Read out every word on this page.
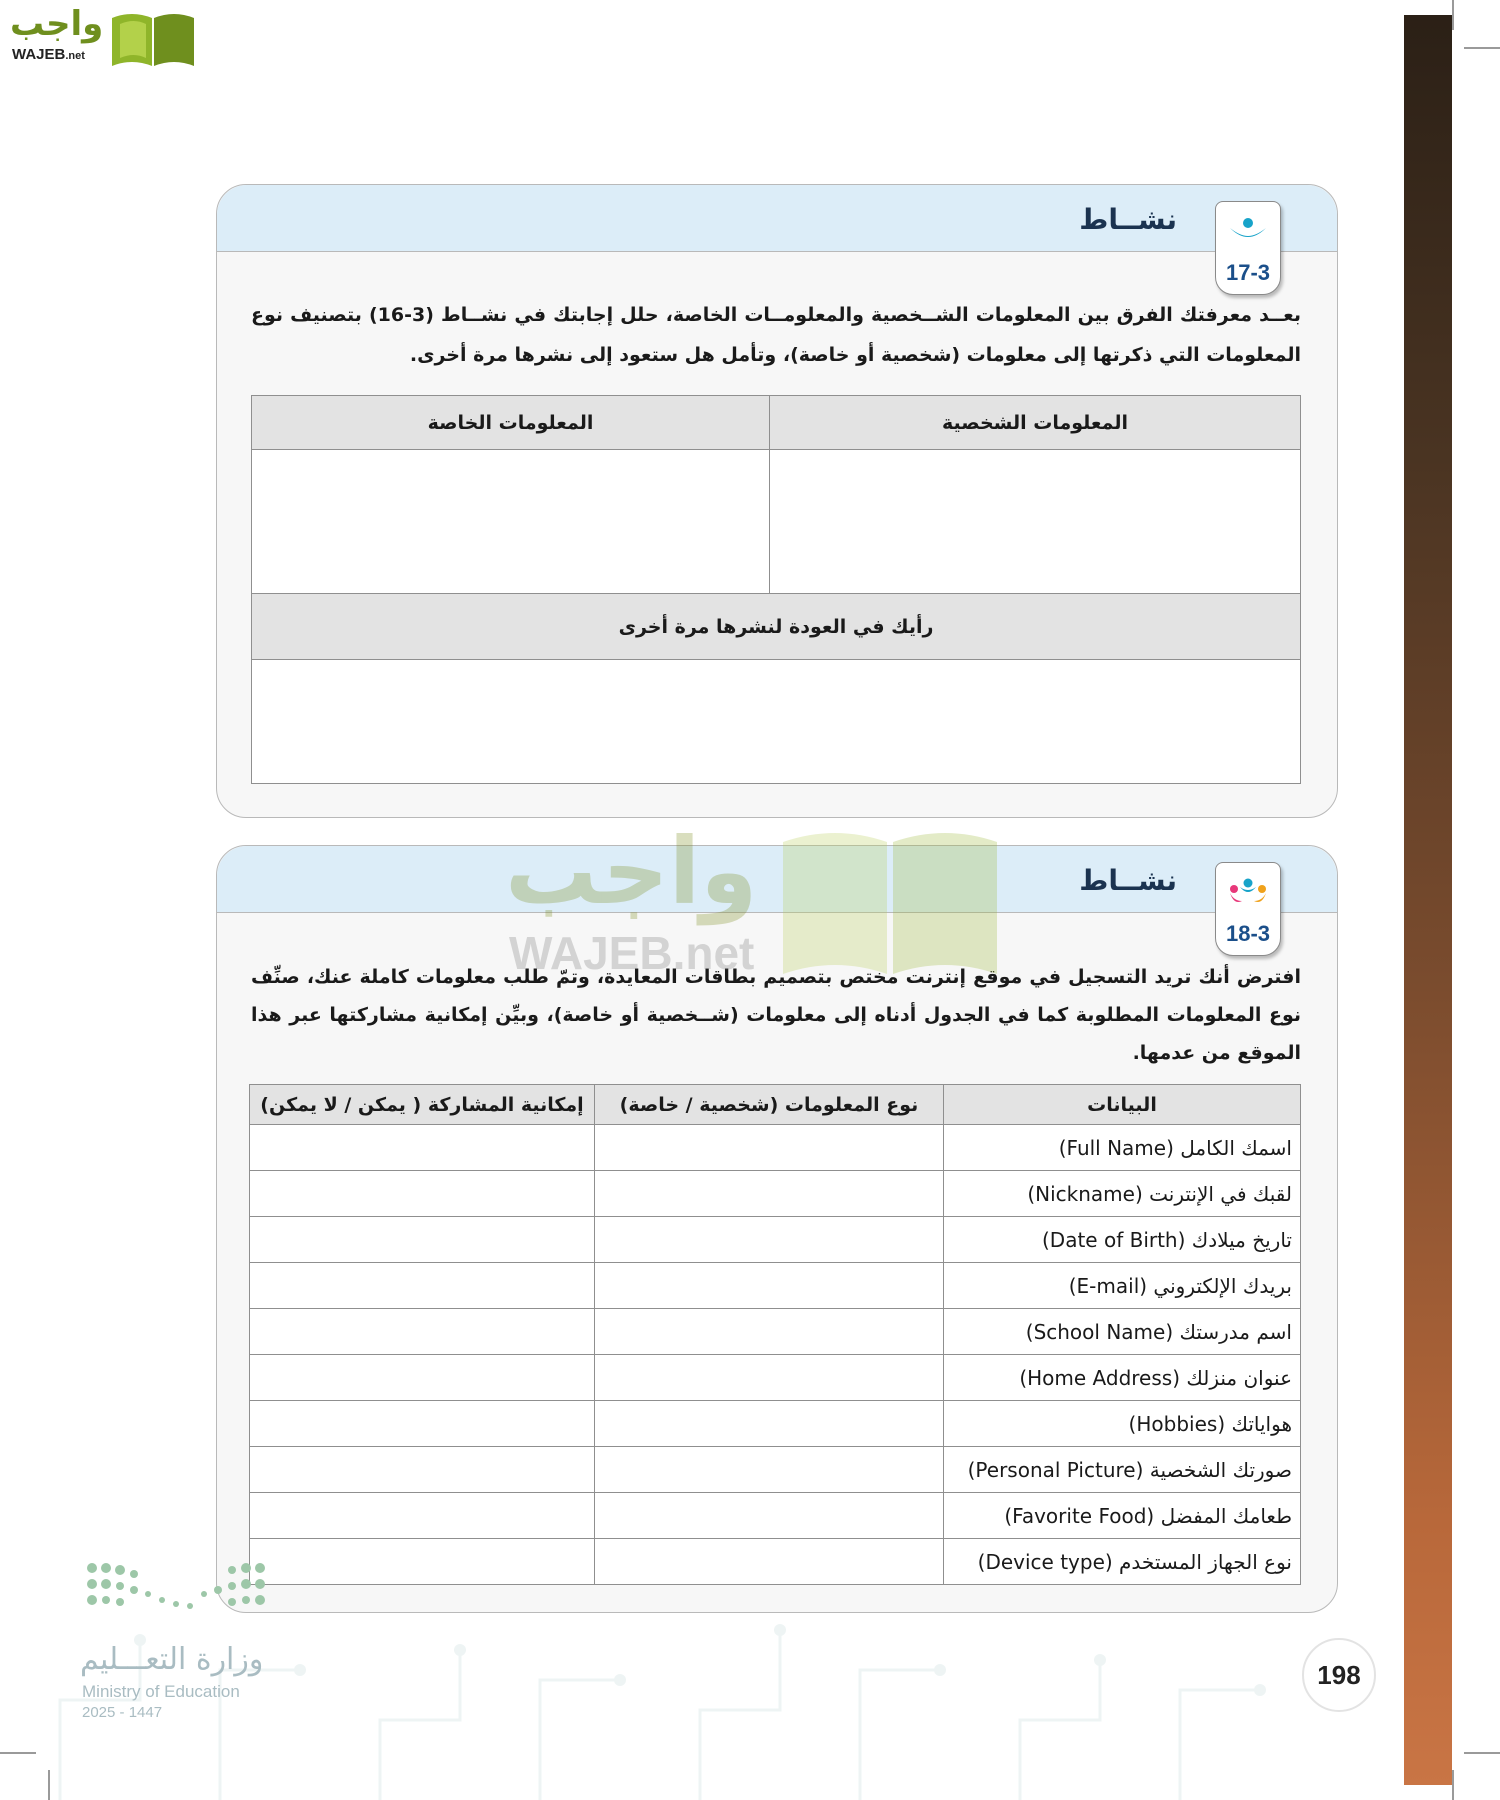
واجب
WAJEB.net
نشــاط
17-3
بعــد معرفتك الفرق بين المعلومات الشــخصية والمعلومــات الخاصة، حلل إجابتك في نشــاط (3-16) بتصنيف نوع المعلومات التي ذكرتها إلى معلومات (شخصية أو خاصة)، وتأمل هل ستعود إلى نشرها مرة أخرى.
المعلومات الشخصية	المعلومات الخاصة

رأيك في العودة لنشرها مرة أخرى	

نشــاط
18-3
افترض أنك تريد التسجيل في موقع إنترنت مختص بتصميم بطاقات المعايدة، وتمّ طلب معلومات كاملة عنك، صنِّف نوع المعلومات المطلوبة كما في الجدول أدناه إلى معلومات (شــخصية أو خاصة)، وبيِّن إمكانية مشاركتها عبر هذا الموقع من عدمها.
البيانات	نوع المعلومات (شخصية / خاصة)	إمكانية المشاركة ( يمكن / لا يمكن)
اسمك الكامل (Full Name)		
لقبك في الإنترنت (Nickname)		
تاريخ ميلادك (Date of Birth)		
بريدك الإلكتروني (E-mail)		
اسم مدرستك (School Name)		
عنوان منزلك (Home Address)		
هواياتك (Hobbies)		
صورتك الشخصية (Personal Picture)		
طعامك المفضل (Favorite Food)		
نوع الجهاز المستخدم (Device type)		
واجب
WAJEB.net
وزارة التعـــليم
Ministry of Education
2025 - 1447
198
